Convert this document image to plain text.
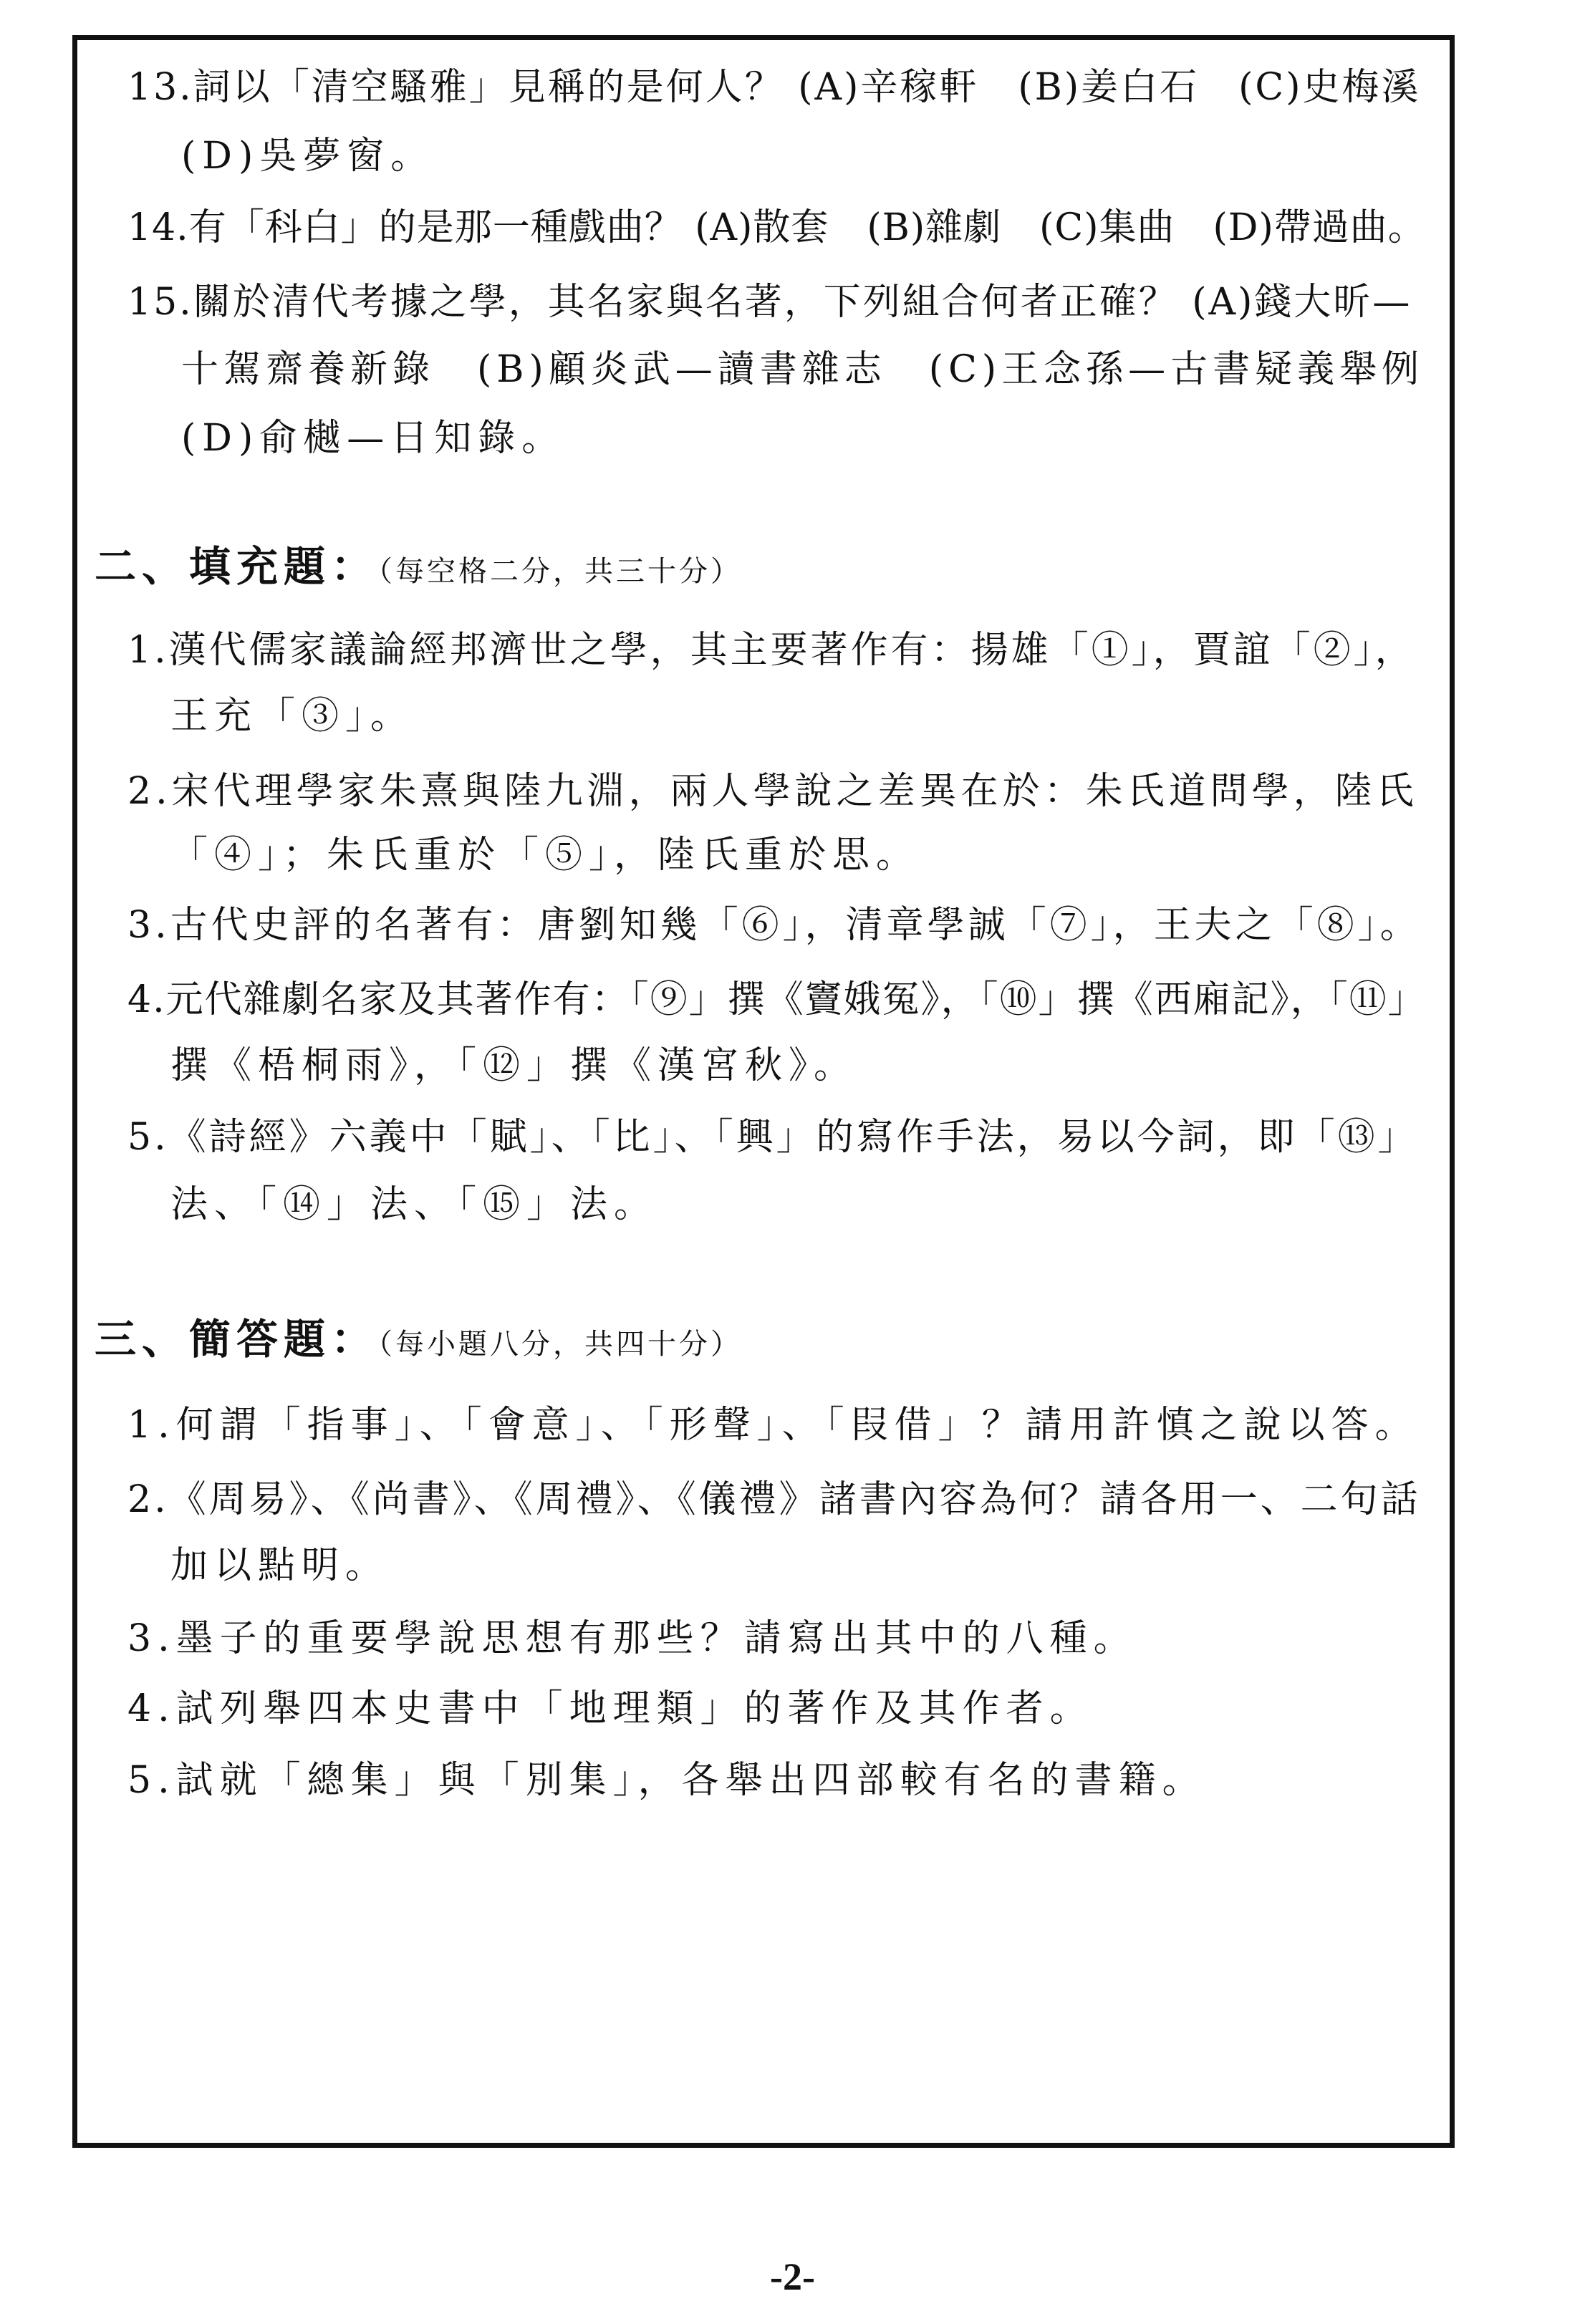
13.詞以「清空騷雅」見稱的是何人？ (A)辛稼軒　(B)姜白石　(C)史梅溪
(D)吳夢窗。
14.有「科白」的是那一種戲曲？ (A)散套　(B)雜劇　(C)集曲　(D)帶過曲。
15.關於清代考據之學，其名家與名著，下列組合何者正確？ (A)錢大昕—
十駕齋養新錄　(B)顧炎武—讀書雜志　(C)王念孫—古書疑義舉例
(D)俞樾—日知錄。
二、填充題：（每空格二分，共三十分）
1.漢代儒家議論經邦濟世之學，其主要著作有：揚雄「①」，賈誼「②」，
王充「③」。
2.宋代理學家朱熹與陸九淵，兩人學說之差異在於：朱氏道問學，陸氏
「④」；朱氏重於「⑤」，陸氏重於思。
3.古代史評的名著有：唐劉知幾「⑥」，清章學誠「⑦」，王夫之「⑧」。
4.元代雜劇名家及其著作有：「⑨」撰《竇娥冤》，「⑩」撰《西廂記》，「⑪」
撰《梧桐雨》，「⑫」撰《漢宮秋》。
5.《詩經》六義中「賦」、「比」、「興」的寫作手法，易以今詞，即「⑬」
法、「⑭」法、「⑮」法。
三、簡答題：（每小題八分，共四十分）
1.何謂「指事」、「會意」、「形聲」、「叚借」？請用許慎之說以答。
2.《周易》、《尚書》、《周禮》、《儀禮》諸書內容為何？請各用一、二句話
加以點明。
3.墨子的重要學說思想有那些？請寫出其中的八種。
4.試列舉四本史書中「地理類」的著作及其作者。
5.試就「總集」與「別集」，各舉出四部較有名的書籍。
-2-
